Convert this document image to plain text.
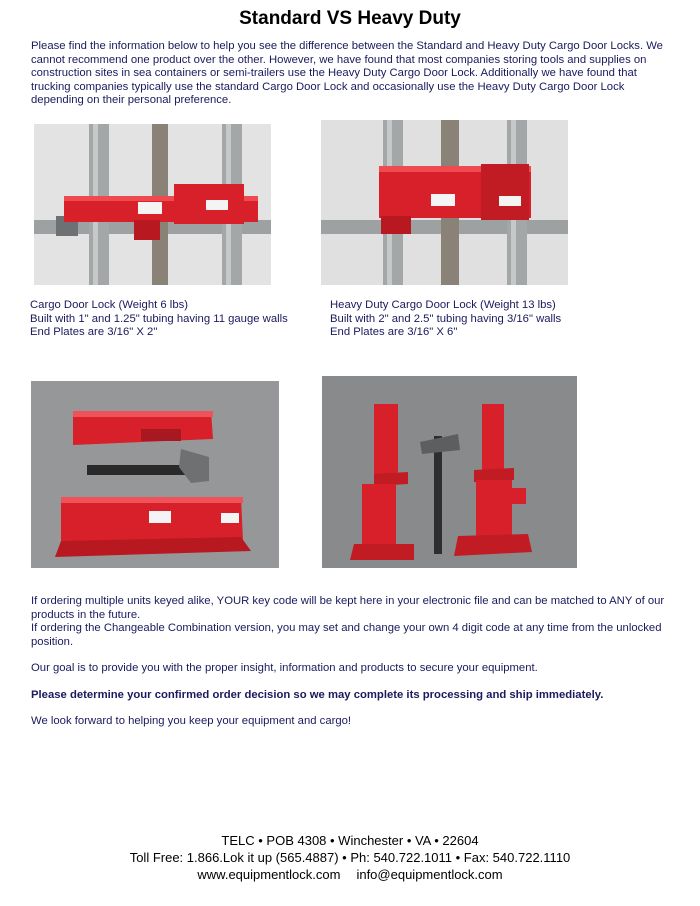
Standard VS Heavy Duty
Please find the information below to help you see the difference between the Standard and Heavy Duty Cargo Door Locks. We cannot recommend one product over the other. However, we have found that most companies storing tools and supplies on construction sites in sea containers or semi-trailers use the Heavy Duty Cargo Door Lock. Additionally we have found that trucking companies typically use the standard Cargo Door Lock and occasionally use the Heavy Duty Cargo Door Lock depending on their personal preference.
Cargo Door Lock (Weight 6 lbs)
Built with 1" and 1.25" tubing having 11 gauge walls
End Plates are 3/16" X 2"
Heavy Duty Cargo Door Lock (Weight 13 lbs)
Built with 2" and 2.5" tubing having 3/16" walls
End Plates are 3/16" X 6"
If ordering multiple units keyed alike, YOUR key code will be kept here in your electronic file and can be matched to ANY of our products in the future.
If ordering the Changeable Combination version, you may set and change your own 4 digit code at any time from the unlocked position.
Our goal is to provide you with the proper insight, information and products to secure your equipment.
Please determine your confirmed order decision so we may complete its processing and ship immediately.
We look forward to helping you keep your equipment and cargo!
TELC • POB 4308 • Winchester • VA • 22604
Toll Free: 1.866.Lok it up (565.4887) • Ph: 540.722.1011 • Fax: 540.722.1110
www.equipmentlock.com info@equipmentlock.com
